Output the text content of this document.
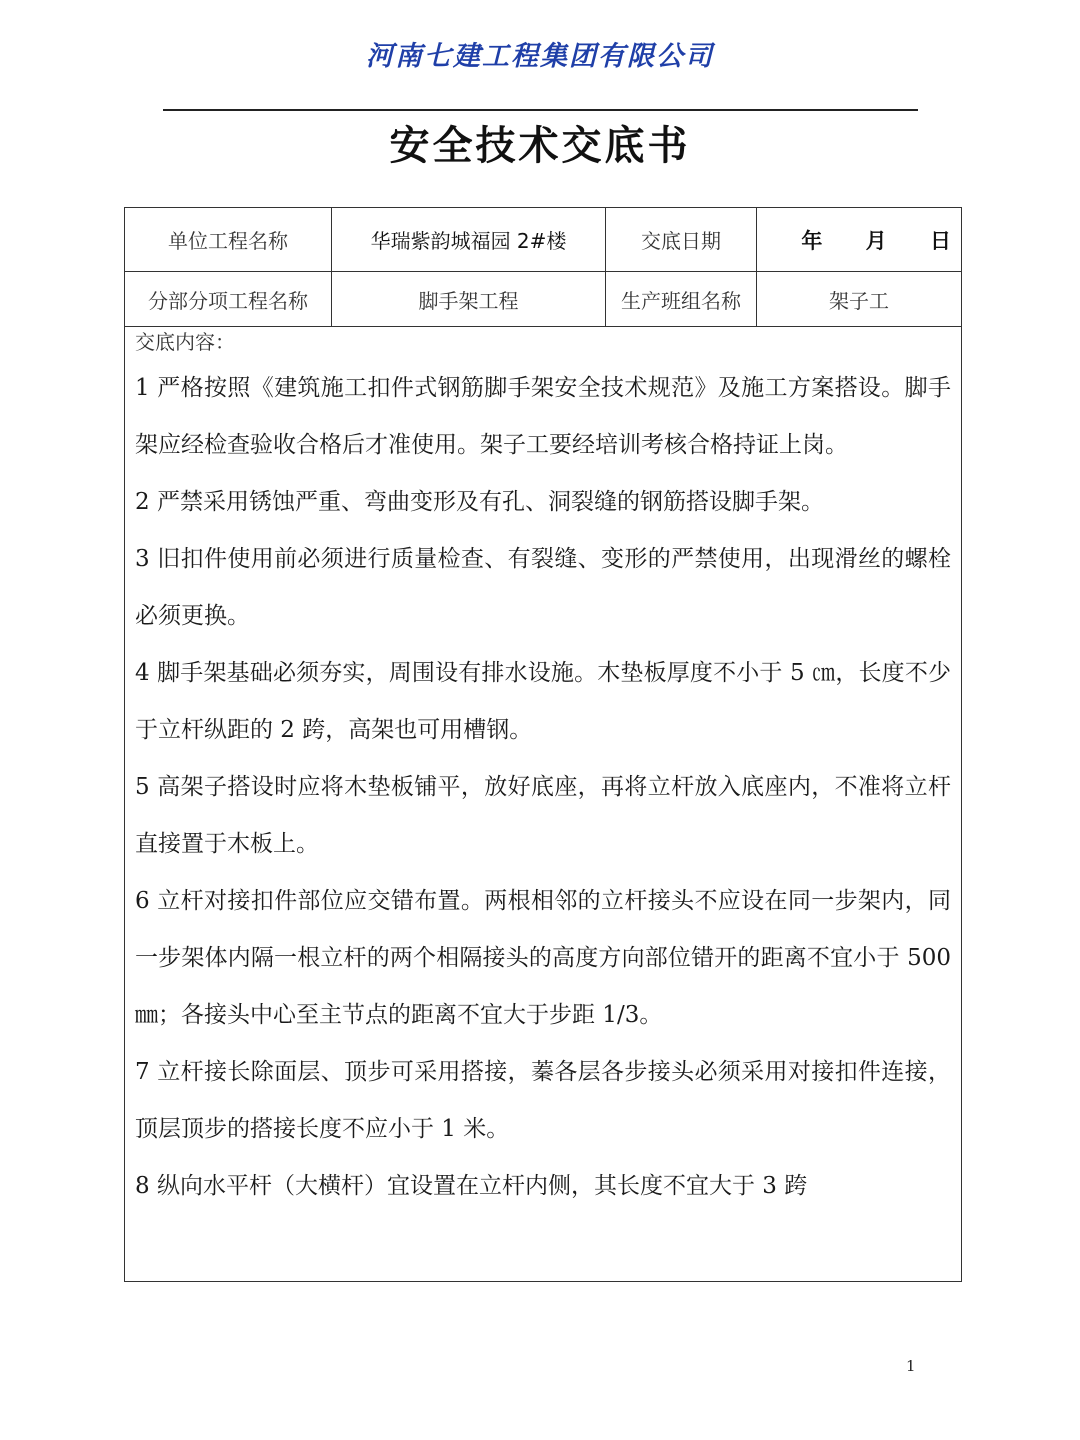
河南七建工程集团有限公司
安全技术交底书
单位工程名称	华瑞紫韵城福园 2#楼	交底日期	年 月 日
分部分项工程名称	脚手架工程	生产班组名称	架子工
交底内容：
1 严格按照《建筑施工扣件式钢筋脚手架安全技术规范》及施工方案搭设。脚手架应经检查验收合格后才准使用。架子工要经培训考核合格持证上岗。
2 严禁采用锈蚀严重、弯曲变形及有孔、洞裂缝的钢筋搭设脚手架。
3 旧扣件使用前必须进行质量检查、有裂缝、变形的严禁使用，出现滑丝的螺栓必须更换。
4 脚手架基础必须夯实，周围设有排水设施。木垫板厚度不小于 5 ㎝，长度不少于立杆纵距的 2 跨，高架也可用槽钢。
5 高架子搭设时应将木垫板铺平，放好底座，再将立杆放入底座内，不准将立杆直接置于木板上。
6 立杆对接扣件部位应交错布置。两根相邻的立杆接头不应设在同一步架内，同一步架体内隔一根立杆的两个相隔接头的高度方向部位错开的距离不宜小于 500 ㎜；各接头中心至主节点的距离不宜大于步距 1/3。
7 立杆接长除面层、顶步可采用搭接，蓁各层各步接头必须采用对接扣件连接，顶层顶步的搭接长度不应小于 1 米。
8 纵向水平杆（大横杆）宜设置在立杆内侧，其长度不宜大于 3 跨
1
